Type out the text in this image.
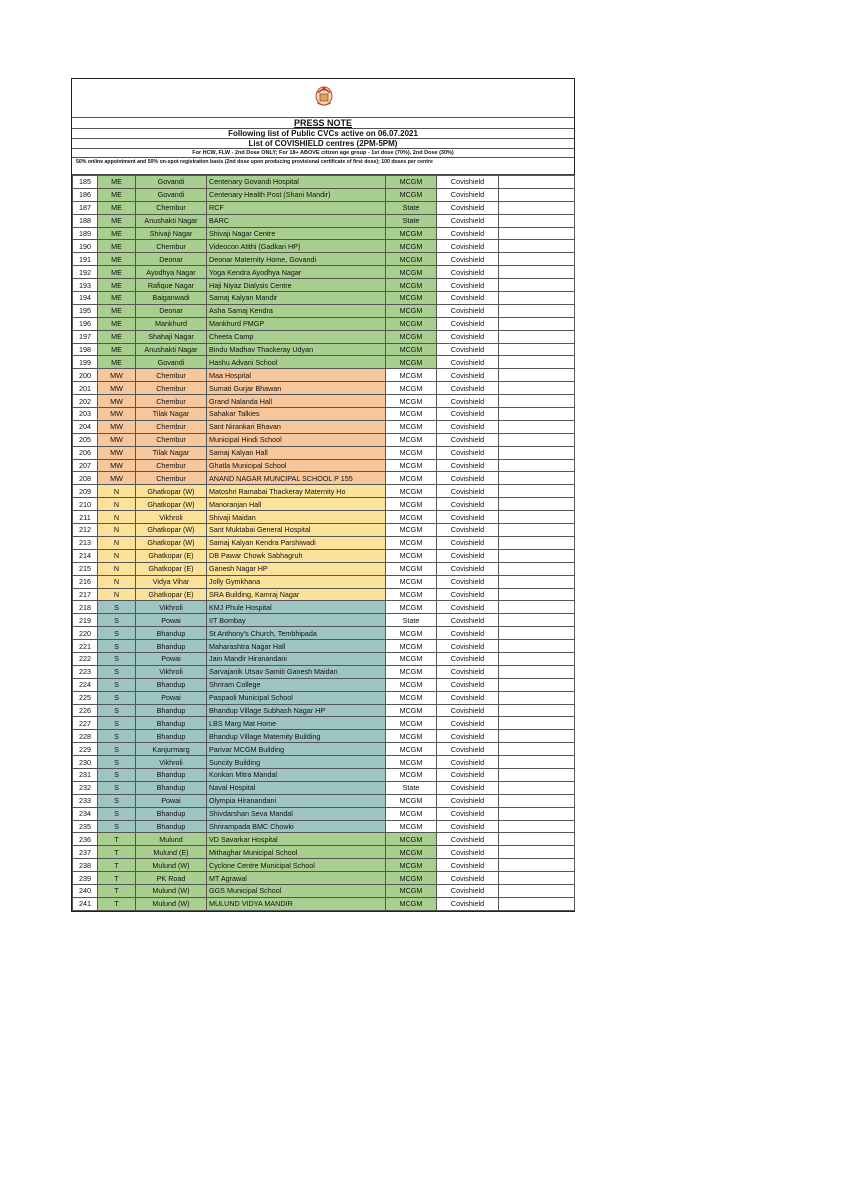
PRESS NOTE
Following list of Public CVCs active on 06.07.2021
List of COVISHIELD centres (2PM-5PM)
For HCW, FLW - 2nd Dose ONLY; For 18+ ABOVE citizen age group - 1st dose (70%), 2nd Dose (30%)
50% online appointment and 50% on-spot registration basis (2nd dose upon producing provisional certificate of first dose); 100 doses per centre
185	ME	Govandi	Centenary Govandi Hospital	MCGM	Covishield	
186	ME	Govandi	Centenary Health Post (Shani Mandir)	MCGM	Covishield	
187	ME	Chembur	RCF	State	Covishield	
188	ME	Anushakti Nagar	BARC	State	Covishield	
189	ME	Shivaji Nagar	Shivaji Nagar Centre	MCGM	Covishield	
190	ME	Chembur	Videocon Atithi (Gadkari HP)	MCGM	Covishield	
191	ME	Deonar	Deonar Maternity Home, Govandi	MCGM	Covishield	
192	ME	Ayodhya Nagar	Yoga Kendra Ayodhya Nagar	MCGM	Covishield	
193	ME	Rafique Nagar	Haji Niyaz Dialysis Centre	MCGM	Covishield	
194	ME	Baiganwadi	Samaj Kalyan Mandir	MCGM	Covishield	
195	ME	Deonar	Asha Samaj Kendra	MCGM	Covishield	
196	ME	Mankhurd	Mankhurd PMGP	MCGM	Covishield	
197	ME	Shahaji Nagar	Cheeta Camp	MCGM	Covishield	
198	ME	Anushakti Nagar	Bindu Madhav Thackeray Udyan	MCGM	Covishield	
199	ME	Govandi	Hashu Advani School	MCGM	Covishield	
200	MW	Chembur	Maa Hospital	MCGM	Covishield	
201	MW	Chembur	Sumati Gurjar Bhawan	MCGM	Covishield	
202	MW	Chembur	Grand Nalanda Hall	MCGM	Covishield	
203	MW	Tilak Nagar	Sahakar Talkies	MCGM	Covishield	
204	MW	Chembur	Sant Nirankari Bhavan	MCGM	Covishield	
205	MW	Chembur	Municipal Hindi School	MCGM	Covishield	
206	MW	Tilak Nagar	Samaj Kalyan Hall	MCGM	Covishield	
207	MW	Chembur	Ghatla Municipal School	MCGM	Covishield	
208	MW	Chembur	ANAND NAGAR MUNCIPAL SCHOOL P 155	MCGM	Covishield	
209	N	Ghatkopar (W)	Matoshri Ramabai Thackeray Maternity Ho	MCGM	Covishield	
210	N	Ghatkopar (W)	Manoranjan Hall	MCGM	Covishield	
211	N	Vikhroli	Shivaji Maidan	MCGM	Covishield	
212	N	Ghatkopar (W)	Sant Muktabai General Hospital	MCGM	Covishield	
213	N	Ghatkopar (W)	Samaj Kalyan Kendra Parshiwadi	MCGM	Covishield	
214	N	Ghatkopar (E)	DB Pawar Chowk Sabhagruh	MCGM	Covishield	
215	N	Ghatkopar (E)	Ganesh Nagar HP	MCGM	Covishield	
216	N	Vidya Vihar	Jolly Gymkhana	MCGM	Covishield	
217	N	Ghatkopar (E)	SRA Building, Kamraj Nagar	MCGM	Covishield	
218	S	Vikhroli	KMJ Phule Hospital	MCGM	Covishield	
219	S	Powai	IIT Bombay	State	Covishield	
220	S	Bhandup	St Anthony's Church, Tembhipada	MCGM	Covishield	
221	S	Bhandup	Maharashtra Nagar Hall	MCGM	Covishield	
222	S	Powai	Jain Mandir Hiranandani	MCGM	Covishield	
223	S	Vikhroli	Sarvajanik Utsav Samiti Ganesh Maidan	MCGM	Covishield	
224	S	Bhandup	Shriram College	MCGM	Covishield	
225	S	Powai	Paspaoli Municipal School	MCGM	Covishield	
226	S	Bhandup	Bhandup Village Subhash Nagar HP	MCGM	Covishield	
227	S	Bhandup	LBS Marg Mat Home	MCGM	Covishield	
228	S	Bhandup	Bhandup Village Maternity Building	MCGM	Covishield	
229	S	Kanjurmarg	Parivar MCGM Building	MCGM	Covishield	
230	S	Vikhroli	Suncity Building	MCGM	Covishield	
231	S	Bhandup	Konkan Mitra Mandal	MCGM	Covishield	
232	S	Bhandup	Naval Hospital	State	Covishield	
233	S	Powai	Olympia Hiranandani	MCGM	Covishield	
234	S	Bhandup	Shivdarshan Seva Mandal	MCGM	Covishield	
235	S	Bhandup	Shrirampada BMC Chowki	MCGM	Covishield	
236	T	Mulund	VD Savarkar Hospital	MCGM	Covishield	
237	T	Mulund (E)	Mithaghar Municipal School	MCGM	Covishield	
238	T	Mulund (W)	Cyclone Centre Municipal School	MCGM	Covishield	
239	T	PK Road	MT Agrawal	MCGM	Covishield	
240	T	Mulund (W)	GGS Municipal School	MCGM	Covishield	
241	T	Mulund (W)	MULUND VIDYA MANDIR	MCGM	Covishield	
